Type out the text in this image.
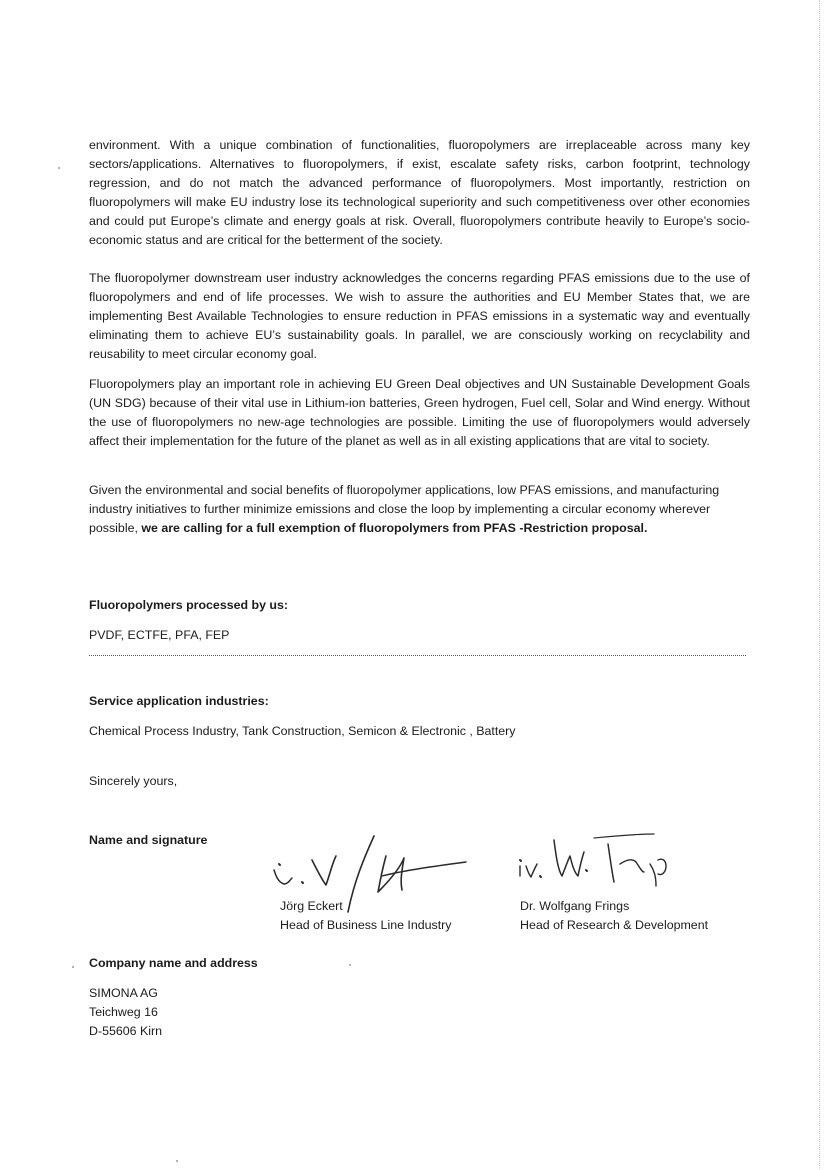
environment. With a unique combination of functionalities, fluoropolymers are irreplaceable across many key sectors/applications. Alternatives to fluoropolymers, if exist, escalate safety risks, carbon footprint, technology regression, and do not match the advanced performance of fluoropolymers. Most importantly, restriction on fluoropolymers will make EU industry lose its technological superiority and such competitiveness over other economies and could put Europe’s climate and energy goals at risk. Overall, fluoropolymers contribute heavily to Europe’s socio-economic status and are critical for the betterment of the society.

The fluoropolymer downstream user industry acknowledges the concerns regarding PFAS emissions due to the use of fluoropolymers and end of life processes. We wish to assure the authorities and EU Member States that, we are implementing Best Available Technologies to ensure reduction in PFAS emissions in a systematic way and eventually eliminating them to achieve EU’s sustainability goals. In parallel, we are consciously working on recyclability and reusability to meet circular economy goal.

Fluoropolymers play an important role in achieving EU Green Deal objectives and UN Sustainable Development Goals (UN SDG) because of their vital use in Lithium-ion batteries, Green hydrogen, Fuel cell, Solar and Wind energy. Without the use of fluoropolymers no new-age technologies are possible. Limiting the use of fluoropolymers would adversely affect their implementation for the future of the planet as well as in all existing applications that are vital to society.

Given the environmental and social benefits of fluoropolymer applications, low PFAS emissions, and manufacturing industry initiatives to further minimize emissions and close the loop by implementing a circular economy wherever possible, we are calling for a full exemption of fluoropolymers from PFAS -Restriction proposal.

Fluoropolymers processed by us:

PVDF, ECTFE, PFA, FEP

Service application industries:

Chemical Process Industry, Tank Construction, Semicon & Electronic , Battery

Sincerely yours,

Name and signature

Jörg Eckert

Head of Business Line Industry

Dr. Wolfgang Frings

Head of Research & Development

Company name and address

SIMONA AG

Teichweg 16

D-55606 Kirn
